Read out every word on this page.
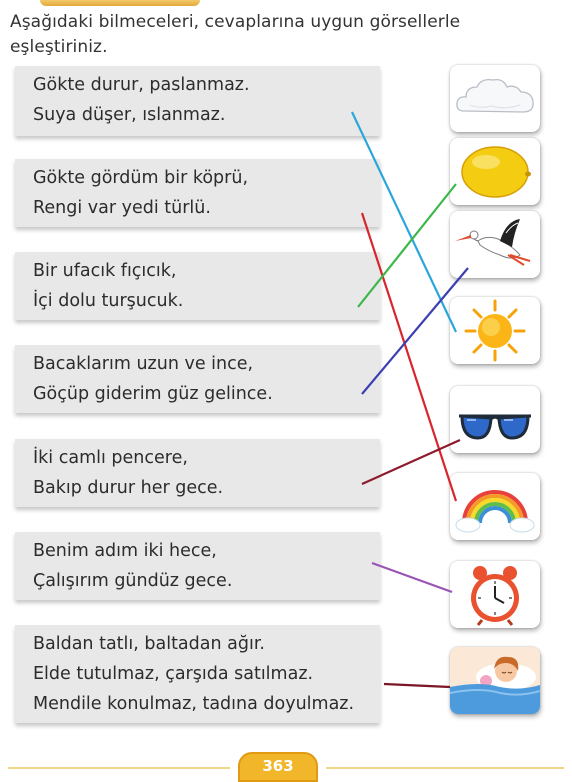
Aşağıdaki bilmeceleri, cevaplarına uygun görsellerle eşleştiriniz.
Gökte durur, paslanmaz.
Suya düşer, ıslanmaz.
Gökte gördüm bir köprü,
Rengi var yedi türlü.
Bir ufacık fıçıcık,
İçi dolu turşucuk.
Bacaklarım uzun ve ince,
Göçüp giderim güz gelince.
İki camlı pencere,
Bakıp durur her gece.
Benim adım iki hece,
Çalışırım gündüz gece.
Baldan tatlı, baltadan ağır.
Elde tutulmaz, çarşıda satılmaz.
Mendile konulmaz, tadına doyulmaz.
363
